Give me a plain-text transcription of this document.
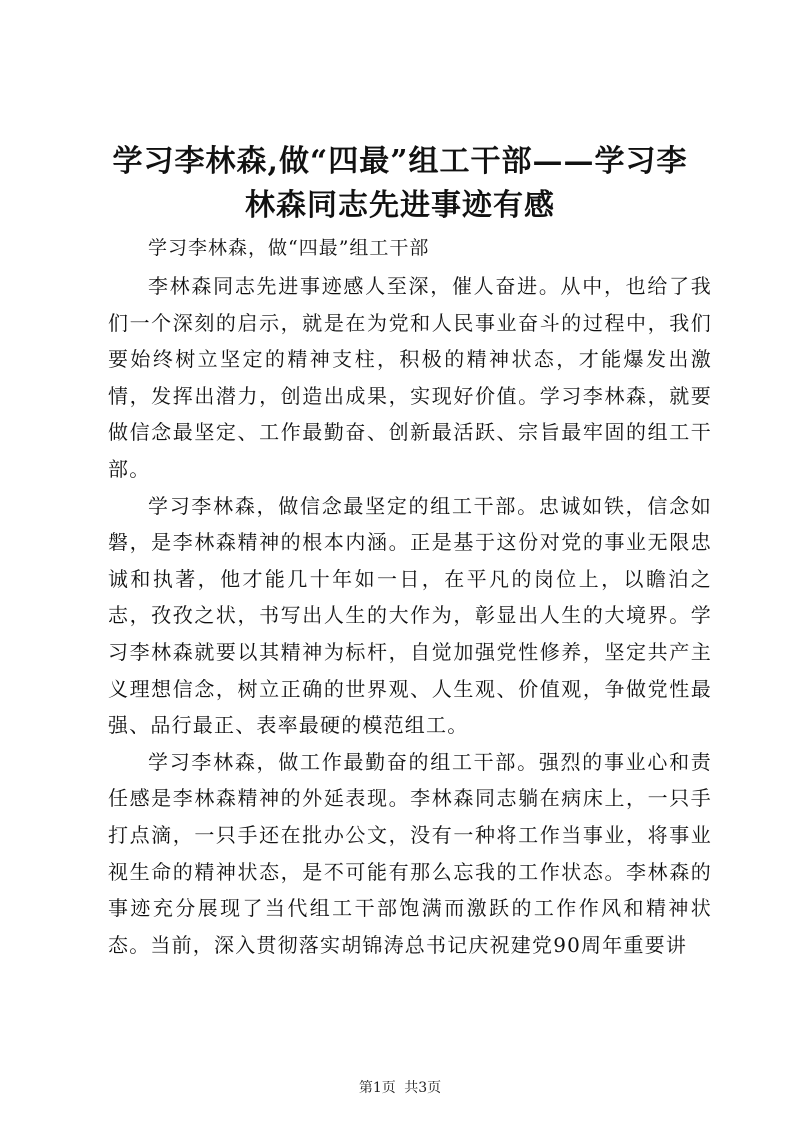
学习李林森,做“四最”组工干部——学习李
林森同志先进事迹有感

学习李林森，做“四最”组工干部

李林森同志先进事迹感人至深，催人奋进。从中，也给了我们一个深刻的启示，就是在为党和人民事业奋斗的过程中，我们要始终树立坚定的精神支柱，积极的精神状态，才能爆发出激情，发挥出潜力，创造出成果，实现好价值。学习李林森，就要做信念最坚定、工作最勤奋、创新最活跃、宗旨最牢固的组工干部。

学习李林森，做信念最坚定的组工干部。忠诚如铁，信念如磐，是李林森精神的根本内涵。正是基于这份对党的事业无限忠诚和执著，他才能几十年如一日，在平凡的岗位上，以瞻泊之志，孜孜之状，书写出人生的大作为，彰显出人生的大境界。学习李林森就要以其精神为标杆，自觉加强党性修养，坚定共产主义理想信念，树立正确的世界观、人生观、价值观，争做党性最强、品行最正、表率最硬的模范组工。

学习李林森，做工作最勤奋的组工干部。强烈的事业心和责任感是李林森精神的外延表现。李林森同志躺在病床上，一只手打点滴，一只手还在批办公文，没有一种将工作当事业，将事业视生命的精神状态，是不可能有那么忘我的工作状态。李林森的事迹充分展现了当代组工干部饱满而激跃的工作作风和精神状态。当前，深入贯彻落实胡锦涛总书记庆祝建党90周年重要讲

第1页 共3页
